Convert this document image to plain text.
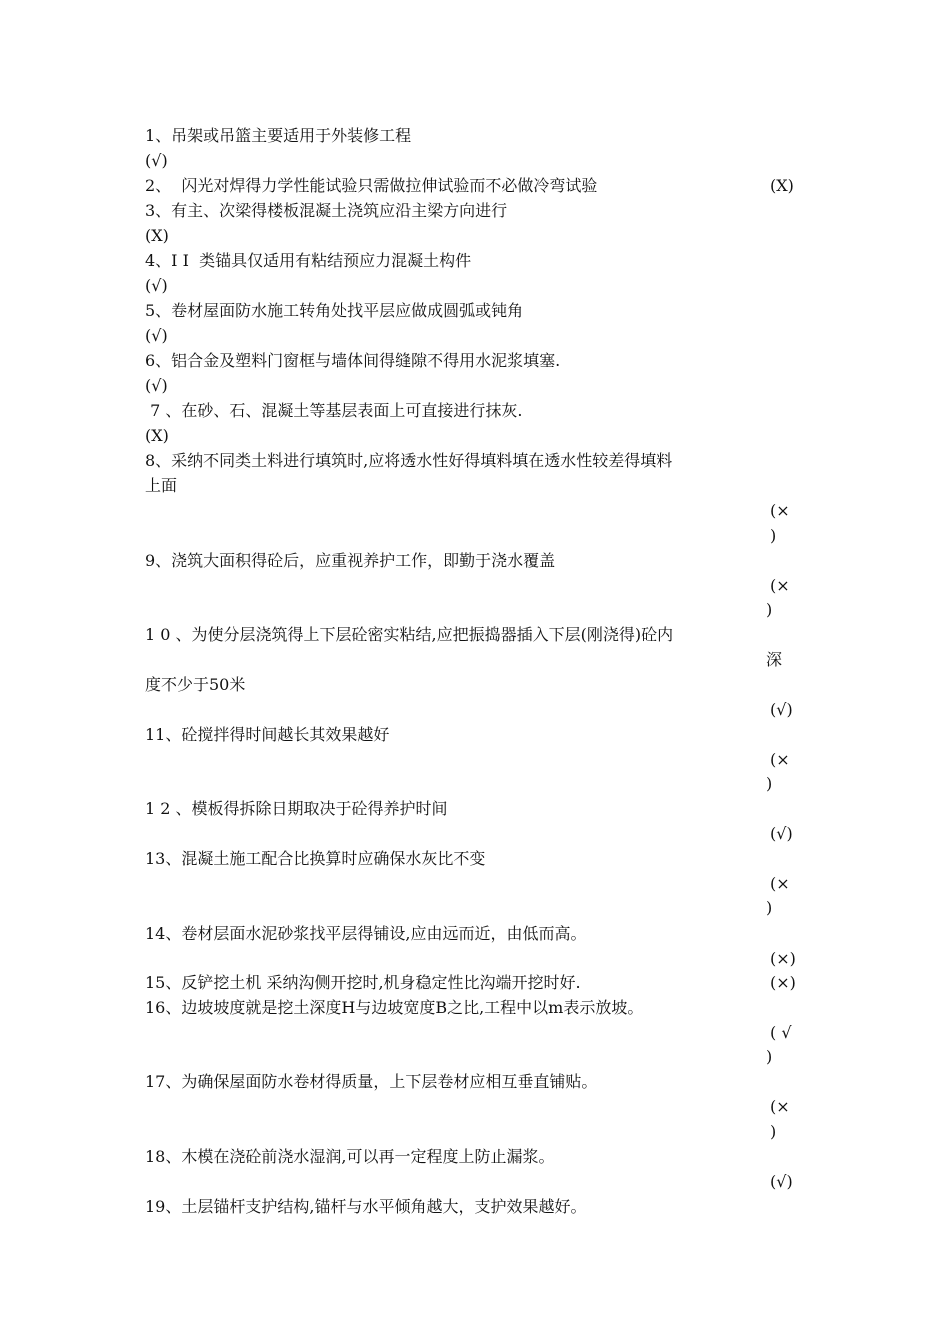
1、吊架或吊篮主要适用于外装修工程
(√)
2、  闪光对焊得力学性能试验只需做拉伸试验而不必做冷弯试验	(X)
3、有主、次梁得楼板混凝土浇筑应沿主梁方向进行
(X)
4、I I  类锚具仅适用有粘结预应力混凝土构件
(√)
5、卷材屋面防水施工转角处找平层应做成圆弧或钝角
(√)
6、铝合金及塑料门窗框与墙体间得缝隙不得用水泥浆填塞.
(√)
7 、在砂、石、混凝土等基层表面上可直接进行抹灰.
(X)
8、采纳不同类土料进行填筑时,应将透水性好得填料填在透水性较差得填料
上面
(×
)
9、浇筑大面积得砼后，应重视养护工作，即勤于浇水覆盖
(×
)
1 0 、为使分层浇筑得上下层砼密实粘结,应把振捣器插入下层(刚浇得)砼内
深
度不少于50米
(√)
11、砼搅拌得时间越长其效果越好
(×
)
1 2 、模板得拆除日期取决于砼得养护时间
(√)
13、混凝土施工配合比换算时应确保水灰比不变
(×
)
14、卷材层面水泥砂浆找平层得铺设,应由远而近，由低而高。
(×)
15、反铲挖土机 采纳沟侧开挖时,机身稳定性比沟端开挖时好.	(×)
16、边坡坡度就是挖土深度H与边坡宽度B之比,工程中以m表示放坡。
( √
)
17、为确保屋面防水卷材得质量，上下层卷材应相互垂直铺贴。
(×
)
18、木模在浇砼前浇水湿润,可以再一定程度上防止漏浆。
(√)
19、土层锚杆支护结构,锚杆与水平倾角越大，支护效果越好。
